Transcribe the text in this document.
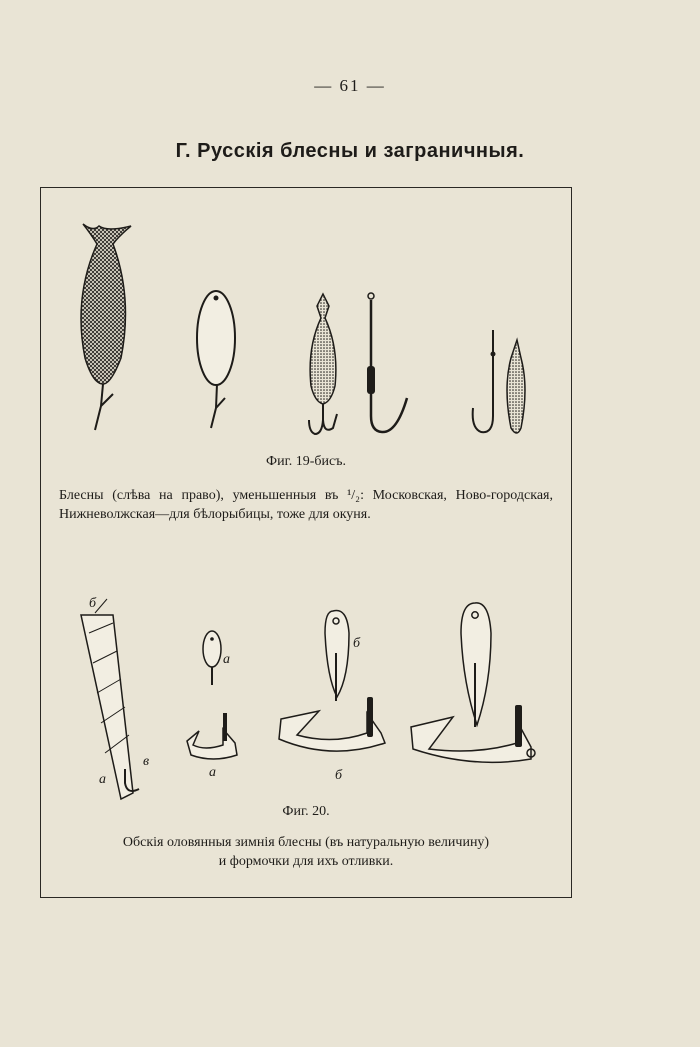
— 61 —
Г. Русскія блесны и заграничныя.
Фиг. 19-бисъ.
Блесны (слѣва на право), уменьшенныя въ ¹/₂: Московская, Ново-городская, Нижневолжская—для бѣлорыбицы, тоже для окуня.
б
в
а
а
а
б
б
Фиг. 20.
Обскія оловянныя зимнія блесны (въ натуральную величину)
и формочки для ихъ отливки.
